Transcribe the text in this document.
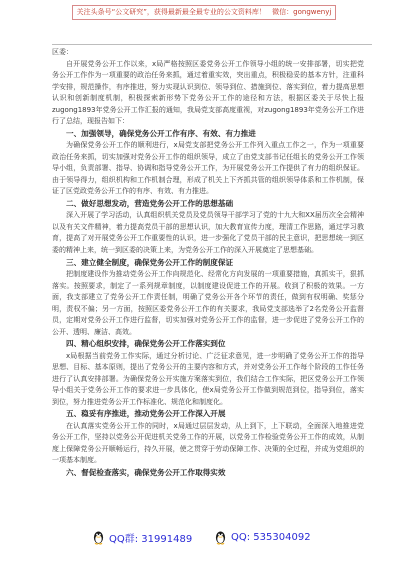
关注头条号“公文研究”，获得最新最全最专业的公文资料库！ 微信：gongwenyj

区委：

自开展党务公开工作以来，x局严格按照区委党务公开工作领导小组的统一安排部署，切实把党务公开工作作为一项重要的政治任务来抓，通过着重实效，突出重点，积极稳妥的基本方针，注重科学安排，规范操作，有序推进，努力实现认识到位、领导到位、措施到位、落实到位，着力提高思想认识和创新制度机制，积极探索新形势下党务公开工作的途径和方法，根据区委关于尽快上报zugong1893年党务公开工作汇报的通知，我局党支部高度重视，对zugong1893年党务公开工作进行了总结，现报告如下：

一、加强领导，确保党务公开工作有序、有效、有力推进

为确保党务公开工作的顺利进行，x局党支部把党务公开工作列入重点工作之一，作为一项重要政治任务来抓，切实加强对党务公开工作的组织领导，成立了由党支部书记任组长的党务公开工作领导小组，负责部署、指导、协调和指导党务公开工作，为开展党务公开工作提供了有力的组织保证。由于领导得力，组织机构和工作机制合理，形成了机关上下齐抓共管的组织领导体系和工作机制，保证了区党政党务公开工作的有序、有效、有力推进。

二、做好思想发动，营造党务公开工作的思想基础

深入开展了学习活动，认真组织机关党员及党员领导干部学习了党的十九大和XX届历次全会精神以及有关文件精神，着力提高党员干部的思想认识，加大教育宣传力度，理清工作思路，通过学习教育，提高了对开展党务公开工作重要性的认识，进一步强化了党员干部的民主意识，把思想统一到区委的精神上来，统一到区委的决策上来，为党务公开工作的深入开展奠定了思想基础。

三、建立健全制度，确保党务公开工作的制度保证

把制度建设作为推动党务公开工作向规范化、经常化方向发展的一项重要措施，真抓实干，狠抓落实。按照要求，制定了一系列规章制度，以制度建设促进工作的开展。收到了积极的效果。一方面，我支部建立了党务公开工作责任制，明确了党务公开各个环节的责任，做到有权明确、奖惩分明，责权不偏；另一方面，按照区委党务公开工作的有关要求，我局党支部选举了2名党务公开监督员，定期对党务公开工作进行监督，切实加强对党务公开工作的监督，进一步促进了党务公开工作的公开、透明、廉洁、高效。

四、精心组织安排，确保党务公开工作落实到位

x局根据当前党务工作实际，通过分析讨论、广泛征求意见，进一步明确了党务公开工作的指导思想、目标、基本原则，提出了党务公开的主要内容和方式，并对党务公开工作每个阶段的工作任务进行了认真安排部署。为确保党务公开实施方案落实到位，我们结合工作实际，把区党务公开工作领导小组关于党务公开工作的要求进一步具体化，使x局党务公开工作做到规范到位，指导到位，落实到位，努力推进党务公开工作标准化、规范化和制度化。

五、稳妥有序推进，推动党务公开工作深入开展

在认真落实党务公开工作的同时，x局通过层层发动，从上到下，上下联动，全面深入地推进党务公开工作，坚持以党务公开促进机关党务工作的开展，以党务工作检验党务公开工作的成效，从制度上保障党务公开顺畅运行，持久开展，使之贯穿于劳动保障工作、决策的全过程，并成为党组织的一项基本制度。

六、督促检查落实，确保党务公开工作取得实效
QQ群: 31991489	QQ: 535304092
